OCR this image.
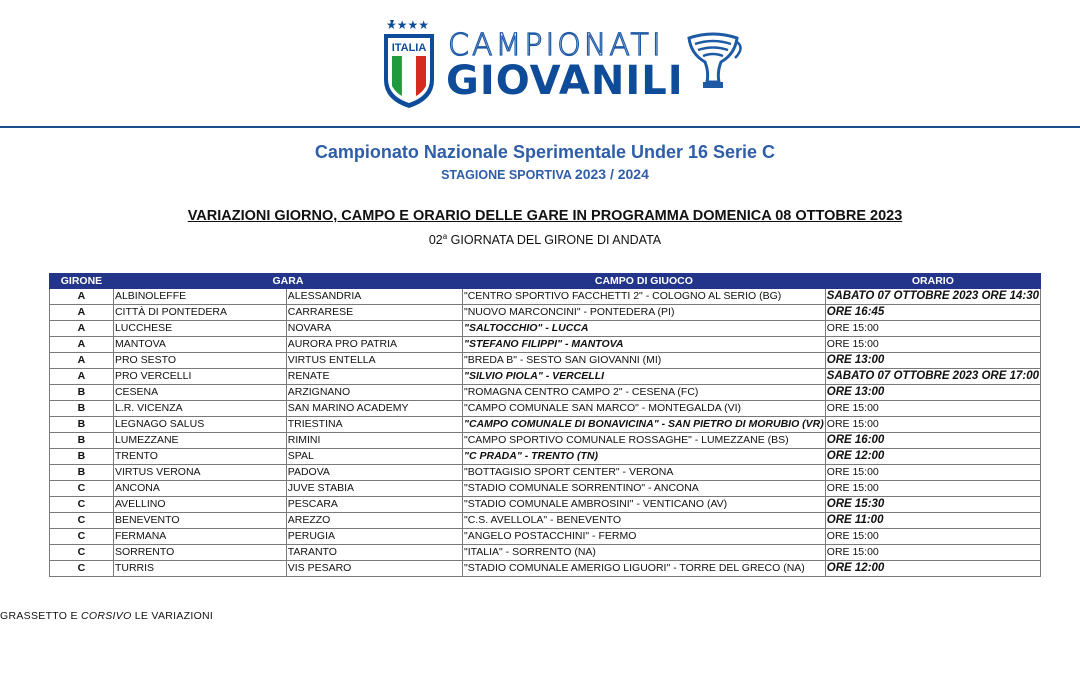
★★★★
ITALIA CAMPIONATI
GIOVANILI
Campionato Nazionale Sperimentale Under 16 Serie C
STAGIONE SPORTIVA 2023 / 2024
VARIAZIONI GIORNO, CAMPO E ORARIO DELLE GARE IN PROGRAMMA DOMENICA 08 OTTOBRE 2023
02$^a$ GIORNATA DEL GIRONE DI ANDATA
GIRONE	GARA		CAMPO DI GIUOCO	ORARIO
A	ALBINOLEFFE	ALESSANDRIA	"CENTRO SPORTIVO FACCHETTI 2" - COLOGNO AL SERIO (BG)	SABATO 07 OTTOBRE 2023 ORE 14:30
A	CITTÀ DI PONTEDERA	CARRARESE	"NUOVO MARCONCINI" - PONTEDERA (PI)	ORE 16:45
A	LUCCHESE	NOVARA	"SALTOCCHIO" - LUCCA	ORE 15:00
A	MANTOVA	AURORA PRO PATRIA	"STEFANO FILIPPI" - MANTOVA	ORE 15:00
A	PRO SESTO	VIRTUS ENTELLA	"BREDA B" - SESTO SAN GIOVANNI (MI)	ORE 13:00
A	PRO VERCELLI	RENATE	"SILVIO PIOLA" - VERCELLI	SABATO 07 OTTOBRE 2023 ORE 17:00
B	CESENA	ARZIGNANO	"ROMAGNA CENTRO CAMPO 2" - CESENA (FC)	ORE 13:00
B	L.R. VICENZA	SAN MARINO ACADEMY	"CAMPO COMUNALE SAN MARCO" - MONTEGALDA (VI)	ORE 15:00
B	LEGNAGO SALUS	TRIESTINA	"CAMPO COMUNALE DI BONAVICINA" - SAN PIETRO DI MORUBIO (VR)	ORE 15:00
B	LUMEZZANE	RIMINI	"CAMPO SPORTIVO COMUNALE ROSSAGHE" - LUMEZZANE (BS)	ORE 16:00
B	TRENTO	SPAL	"C PRADA" - TRENTO (TN)	ORE 12:00
B	VIRTUS VERONA	PADOVA	"BOTTAGISIO SPORT CENTER" - VERONA	ORE 15:00
C	ANCONA	JUVE STABIA	"STADIO COMUNALE SORRENTINO" - ANCONA	ORE 15:00
C	AVELLINO	PESCARA	"STADIO COMUNALE AMBROSINI" - VENTICANO (AV)	ORE 15:30
C	BENEVENTO	AREZZO	"C.S. AVELLOLA" - BENEVENTO	ORE 11:00
C	FERMANA	PERUGIA	"ANGELO POSTACCHINI" - FERMO	ORE 15:00
C	SORRENTO	TARANTO	"ITALIA" - SORRENTO (NA)	ORE 15:00
C	TURRIS	VIS PESARO	"STADIO COMUNALE AMERIGO LIGUORI" - TORRE DEL GRECO (NA)	ORE 12:00
GRASSETTO E CORSIVO LE VARIAZIONI
